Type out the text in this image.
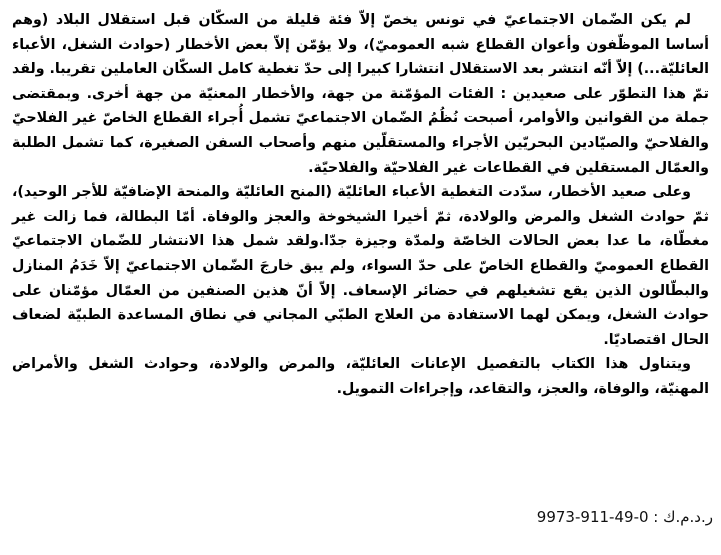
لم يكن الضّمان الاجتماعيّ في تونس يخصّ إلاّ فئة قليلة من السكّان قبل استقلال البلاد (وهم أساسا الموظّفون وأعوان القطاع شبه العموميّ)، ولا يؤمّن إلاّ بعض الأخطار (حوادث الشغل، الأعباء العائليّة...) إلاّ أنّه انتشر بعد الاستقلال انتشارا كبيرا إلى حدّ تغطية كامل السكّان العاملين تقريبا. ولقد تمّ هذا التطوّر على صعيدين : الفئات المؤمّنة من جهة، والأخطار المعنيّة من جهة أخرى. وبمقتضى جملة من القوانين والأوامر، أصبحت نُظُمُ الضّمان الاجتماعيّ تشمل أُجراء القطاع الخاصّ غير الفلاحيّ والفلاحيّ والصيّادين البحريّين الأجراء والمستقلّين منهم وأصحاب السفن الصغيرة، كما تشمل الطلبة والعمّال المستقلين في القطاعات غير الفلاحيّة والفلاحيّة.

وعلى صعيد الأخطار، سدّدت التغطية الأعباء العائليّة (المنح العائليّة والمنحة الإضافيّة للأجر الوحيد)، ثمّ حوادث الشغل والمرض والولادة، ثمّ أخيرا الشيخوخة والعجز والوفاة. أمّا البطالة، فما زالت غير مغطّاة، ما عدا بعض الحالات الخاصّة ولمدّة وجيزة جدّا.ولقد شمل هذا الانتشار للضّمان الاجتماعيّ القطاع العموميّ والقطاع الخاصّ على حدّ السواء، ولم يبق خارجَ الضّمان الاجتماعيّ إلاّ خَدَمُ المنازل والبطّالون الذين يقع تشغيلهم في حضائر الإسعاف. إلاّ أنّ هذين الصنفين من العمّال مؤمّنان على حوادث الشغل، ويمكن لهما الاستفادة من العلاج الطبّي المجاني في نطاق المساعدة الطبيّة لضعاف الحال اقتصاديّا.

ويتناول هذا الكتاب بالتفصيل الإعانات العائليّة، والمرض والولادة، وحوادث الشغل والأمراض المهنيّة، والوفاة، والعجز، والتقاعد، وإجراءات التمويل.

ر.د.م.ك : 0-49-911-9973
